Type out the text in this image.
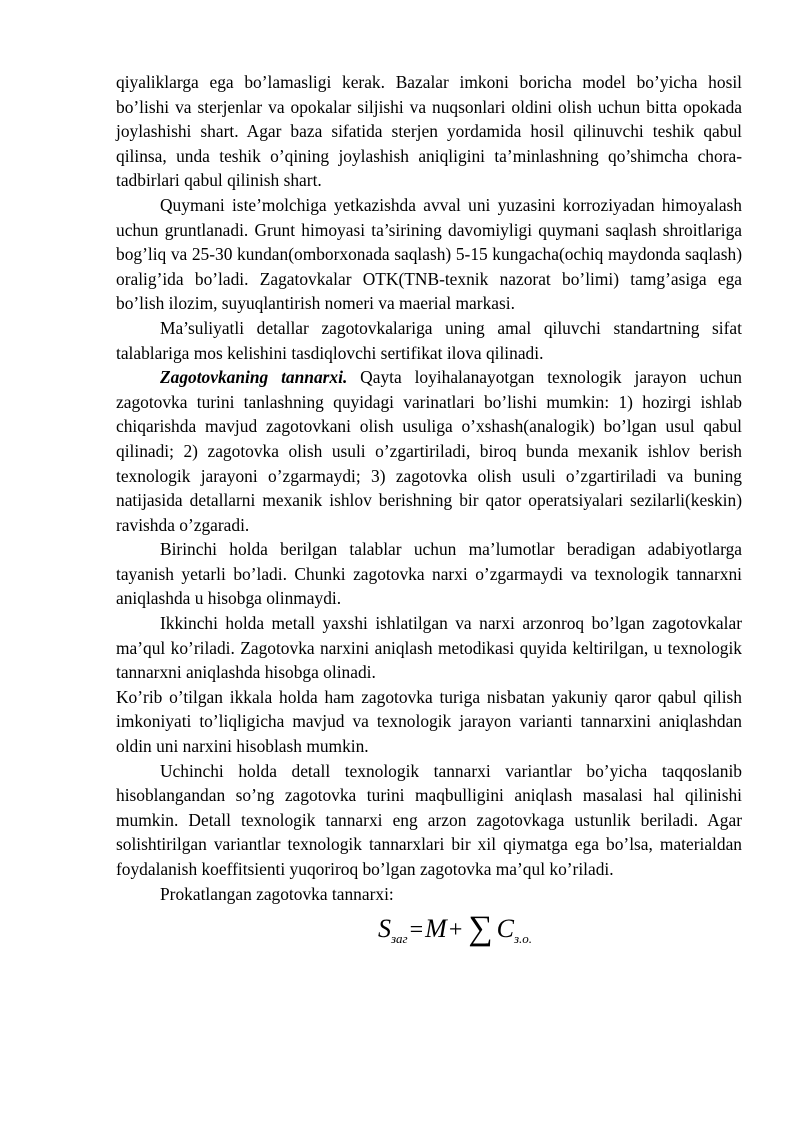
qiyaliklarga ega bo’lamasligi kerak. Bazalar imkoni boricha model bo’yicha hosil bo’lishi va sterjenlar va opokalar siljishi va nuqsonlari oldini olish uchun bitta opokada joylashishi shart. Agar baza sifatida sterjen yordamida hosil qilinuvchi teshik qabul qilinsa, unda teshik o’qining joylashish aniqligini ta’minlashning qo’shimcha chora-tadbirlari qabul qilinish shart.

Quymani iste’molchiga yetkazishda avval uni yuzasini korroziyadan himoyalash uchun gruntlanadi. Grunt himoyasi ta’sirining davomiyligi quymani saqlash shroitlariga bog’liq va 25-30 kundan(omborxonada saqlash) 5-15 kungacha(ochiq maydonda saqlash) oralig’ida bo’ladi. Zagatovkalar OTK(TNB-texnik nazorat bo’limi) tamg’asiga ega bo’lish ilozim, suyuqlantirish nomeri va maerial markasi.

Ma’suliyatli detallar zagotovkalariga uning amal qiluvchi standartning sifat talablariga mos kelishini tasdiqlovchi sertifikat ilova qilinadi.

Zagotovkaning tannarxi. Qayta loyihalanayotgan texnologik jarayon uchun zagotovka turini tanlashning quyidagi varinatlari bo’lishi mumkin: 1) hozirgi ishlab chiqarishda mavjud zagotovkani olish usuliga o’xshash(analogik) bo’lgan usul qabul qilinadi; 2) zagotovka olish usuli o’zgartiriladi, biroq bunda mexanik ishlov berish texnologik jarayoni o’zgarmaydi; 3) zagotovka olish usuli o’zgartiriladi va buning natijasida detallarni mexanik ishlov berishning bir qator operatsiyalari sezilarli(keskin) ravishda o’zgaradi.

Birinchi holda berilgan talablar uchun ma’lumotlar beradigan adabiyotlarga tayanish yetarli bo’ladi. Chunki zagotovka narxi o’zgarmaydi va texnologik tannarxni aniqlashda u hisobga olinmaydi.

Ikkinchi holda metall yaxshi ishlatilgan va narxi arzonroq bo’lgan zagotovkalar ma’qul ko’riladi. Zagotovka narxini aniqlash metodikasi quyida keltirilgan, u texnologik tannarxni aniqlashda hisobga olinadi.

Ko’rib o’tilgan ikkala holda ham zagotovka turiga nisbatan yakuniy qaror qabul qilish imkoniyati to’liqligicha mavjud va texnologik jarayon varianti tannarxini aniqlashdan oldin uni narxini hisoblash mumkin.

Uchinchi holda detall texnologik tannarxi variantlar bo’yicha taqqoslanib hisoblangandan so’ng zagotovka turini maqbulligini aniqlash masalasi hal qilinishi mumkin. Detall texnologik tannarxi eng arzon zagotovkaga ustunlik beriladi. Agar solishtirilgan variantlar texnologik tannarxlari bir xil qiymatga ega bo’lsa, materialdan foydalanish koeffitsienti yuqoriroq bo’lgan zagotovka ma’qul ko’riladi.

Prokatlangan zagotovka tannarxi:

$S_{заг}=M+$ ∑ $C_{з.о.}$
